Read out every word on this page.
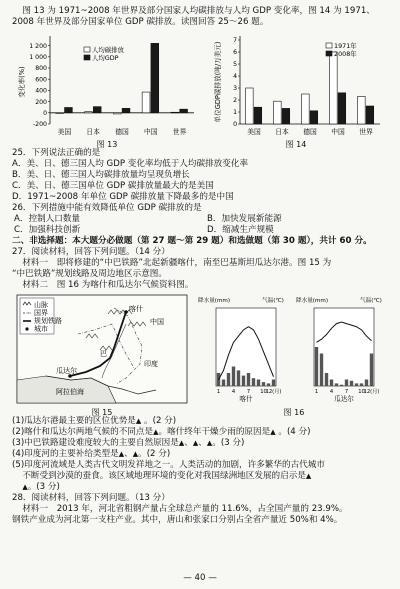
图 13 为 1971~2008 年世界及部分国家人均碳排放与人均 GDP 变化率，图 14 为 1971、

2008 年世界及部分国家单位 GDP 碳排放。读图回答 25～26 题。

1 200
1 000
800
600
400
200
0
-200
变化率(%)
美国 日本 德国 中国 世界
人均碳排放
人均GDP
图 13
7
6
5
4
3
2
1
0
单位GDP碳排放(吨/万美元)
美国 日本 德国 中国 世界
1971年
2008年
图 14

25．下列说法正确的是

A．美、日、德三国人均 GDP 变化率均低于人均碳排放变化率

B．美、日、德三国人均碳排放量均呈现负增长

C．美、日、德三国单位 GDP 碳排放量最大的是美国

D．1971~2008 年单位 GDP 碳排放量下降最多的是中国

26．下列措施中能有效降低单位 GDP 碳排放的是

A．控制人口数量	B．加快发展新能源
C．加强科技创新	D．缩减生产规模

二、非选择题：本大题分必做题（第 27 题～第 29 题）和选做题（第 30 题），共计 60 分。

27．阅读材料，回答下列问题。（14 分）

材料一　即将修建的“中巴铁路”北起新疆喀什，南至巴基斯坦瓜达尔港。图 15 为

“中巴铁路”规划线路及周边地区示意图。

材料二　图 16 为喀什和瓜达尔气候资料图。

山脉
国界
规划铁路
城市
喀什
中国
印度
巴
瓜达尔
阿拉伯海
图 15
降水量(mm)	气温(℃)
1 4 7 10
12(月)
喀什
降水量(mm)	气温(℃)
1 4 7 10
12(月)
瓜达尔
图 16

(1)瓜达尔港最主要的区位优势是▲ 。(2 分)

(2)喀什和瓜达尔两地气候的不同点是▲。喀什终年干燥少雨的原因是▲ 。(4 分)

(3)中巴铁路建设难度较大的主要自然原因是▲、▲、▲。(3 分)

(4)印度河的主要补给类型是▲、▲。(2 分)

(5)印度河流域是人类古代文明发祥地之一。人类活动的加剧，许多繁华的古代城市

不断受到沙漠的蚕食。该区域地理环境的变化对我国绿洲地区发展的启示是▲

▲。(3 分)

28．阅读材料，回答下列问题。（13 分）

材料一　2013 年，河北省粗钢产量占全球总产量的 11.6%，占全国产量的 23.9%。

钢铁产业成为河北第一支柱产业。其中，唐山和张家口分别占全省产量近 50%和 4%。

— 40 —
